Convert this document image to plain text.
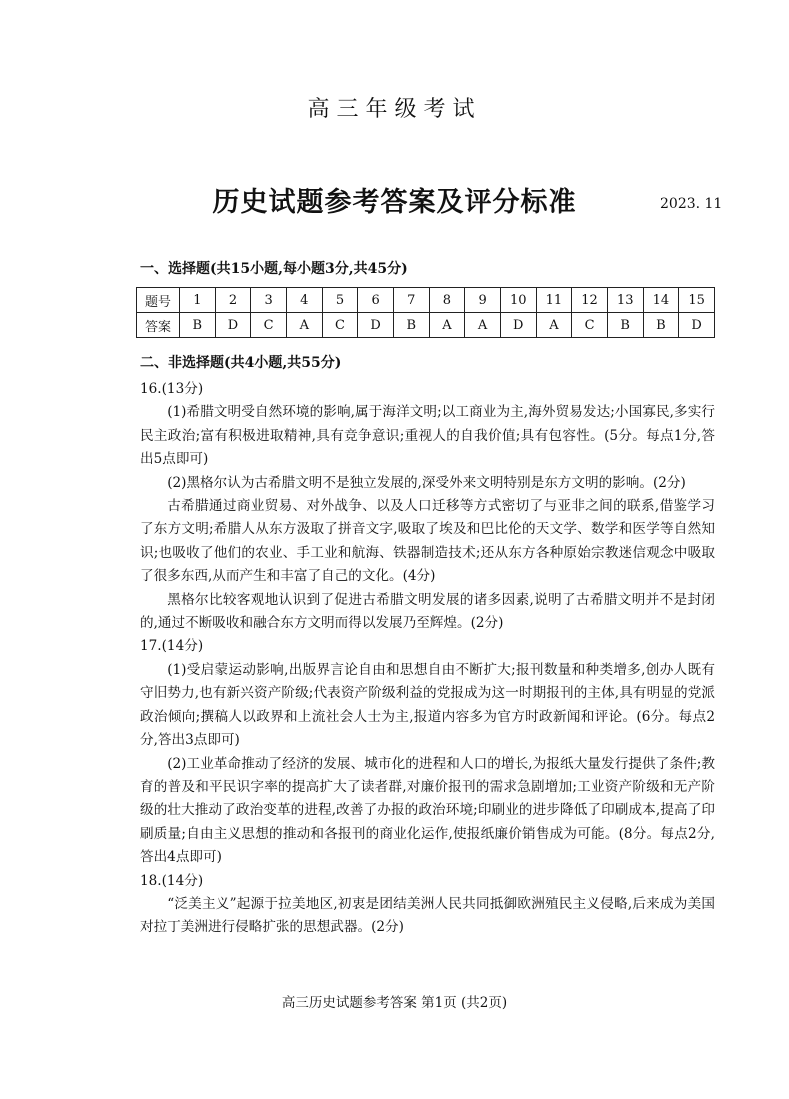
高三年级考试
历史试题参考答案及评分标准	2023. 11
一、选择题(共15小题,每小题3分,共45分)
题号	1	2	3	4	5	6	7	8	9	10	11	12	13	14	15
答案	B	D	C	A	C	D	B	A	A	D	A	C	B	B	D
二、非选择题(共4小题,共55分)

16.(13分)

(1)希腊文明受自然环境的影响,属于海洋文明;以工商业为主,海外贸易发达;小国寡民,多实行民主政治;富有积极进取精神,具有竞争意识;重视人的自我价值;具有包容性。(5分。每点1分,答出5点即可)

(2)黑格尔认为古希腊文明不是独立发展的,深受外来文明特别是东方文明的影响。(2分)

古希腊通过商业贸易、对外战争、以及人口迁移等方式密切了与亚非之间的联系,借鉴学习了东方文明;希腊人从东方汲取了拼音文字,吸取了埃及和巴比伦的天文学、数学和医学等自然知识;也吸收了他们的农业、手工业和航海、铁器制造技术;还从东方各种原始宗教迷信观念中吸取了很多东西,从而产生和丰富了自己的文化。(4分)

黑格尔比较客观地认识到了促进古希腊文明发展的诸多因素,说明了古希腊文明并不是封闭的,通过不断吸收和融合东方文明而得以发展乃至辉煌。(2分)

17.(14分)

(1)受启蒙运动影响,出版界言论自由和思想自由不断扩大;报刊数量和种类增多,创办人既有守旧势力,也有新兴资产阶级;代表资产阶级利益的党报成为这一时期报刊的主体,具有明显的党派政治倾向;撰稿人以政界和上流社会人士为主,报道内容多为官方时政新闻和评论。(6分。每点2分,答出3点即可)

(2)工业革命推动了经济的发展、城市化的进程和人口的增长,为报纸大量发行提供了条件;教育的普及和平民识字率的提高扩大了读者群,对廉价报刊的需求急剧增加;工业资产阶级和无产阶级的壮大推动了政治变革的进程,改善了办报的政治环境;印刷业的进步降低了印刷成本,提高了印刷质量;自由主义思想的推动和各报刊的商业化运作,使报纸廉价销售成为可能。(8分。每点2分,答出4点即可)

18.(14分)

“泛美主义”起源于拉美地区,初衷是团结美洲人民共同抵御欧洲殖民主义侵略,后来成为美国对拉丁美洲进行侵略扩张的思想武器。(2分)

高三历史试题参考答案 第1页 (共2页)
